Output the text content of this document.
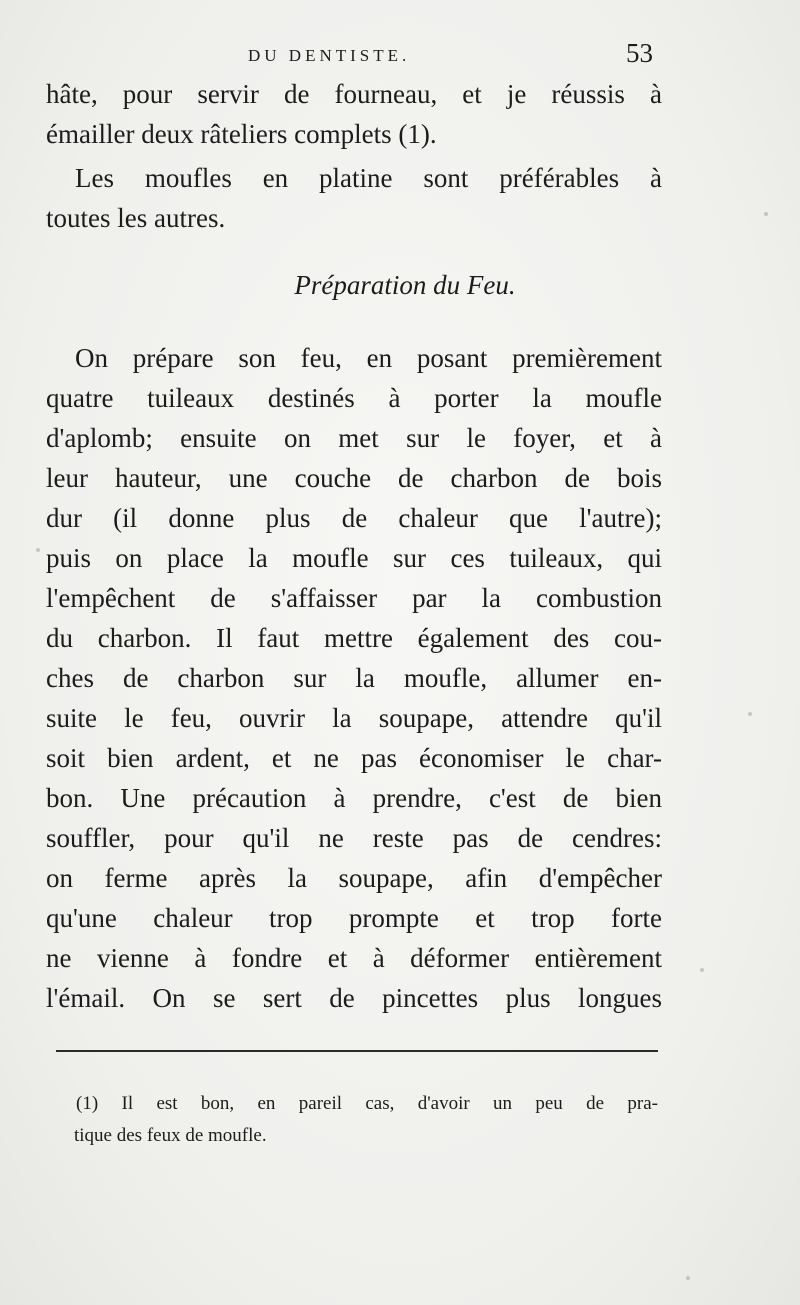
DU DENTISTE.	53
hâte, pour servir de fourneau, et je réussis à
émailler deux râteliers complets (1).
Les moufles en platine sont préférables à
toutes les autres.
Préparation du Feu.
On prépare son feu, en posant premièrement
quatre tuileaux destinés à porter la moufle
d'aplomb; ensuite on met sur le foyer, et à
leur hauteur, une couche de charbon de bois
dur (il donne plus de chaleur que l'autre);
puis on place la moufle sur ces tuileaux, qui
l'empêchent de s'affaisser par la combustion
du charbon. Il faut mettre également des cou-
ches de charbon sur la moufle, allumer en-
suite le feu, ouvrir la soupape, attendre qu'il
soit bien ardent, et ne pas économiser le char-
bon. Une précaution à prendre, c'est de bien
souffler, pour qu'il ne reste pas de cendres:
on ferme après la soupape, afin d'empêcher
qu'une chaleur trop prompte et trop forte
ne vienne à fondre et à déformer entièrement
l'émail. On se sert de pincettes plus longues
(1) Il est bon, en pareil cas, d'avoir un peu de pra-
tique des feux de moufle.
